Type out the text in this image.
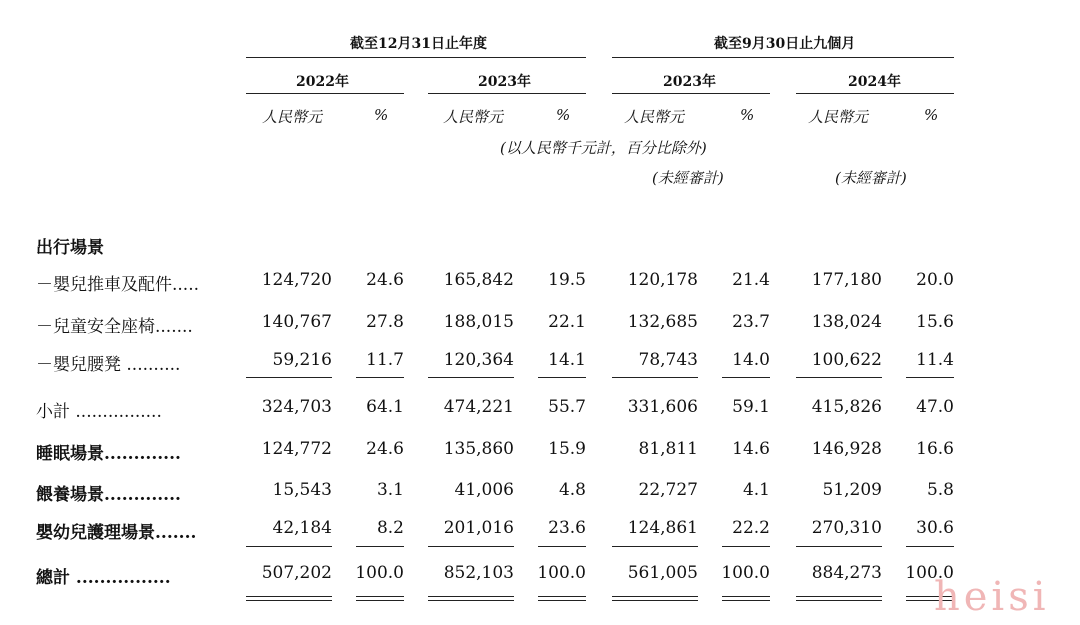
截至12月31日止年度	截至9月30日止九個月
2022年	2023年	2023年	2024年
人民幣元	%	人民幣元	%	人民幣元	%	人民幣元	%
(以人民幣千元計，百分比除外)
(未經審計)	(未經審計)
出行場景
－嬰兒推車及配件.....	124,720	24.6	165,842	19.5	120,178	21.4	177,180	20.0
－兒童安全座椅.......	140,767	27.8	188,015	22.1	132,685	23.7	138,024	15.6
－嬰兒腰凳 ..........	59,216	11.7	120,364	14.1	78,743	14.0	100,622	11.4
小計 ................	324,703	64.1	474,221	55.7	331,606	59.1	415,826	47.0
睡眠場景.............	124,772	24.6	135,860	15.9	81,811	14.6	146,928	16.6
餵養場景.............	15,543	3.1	41,006	4.8	22,727	4.1	51,209	5.8
嬰幼兒護理場景.......	42,184	8.2	201,016	23.6	124,861	22.2	270,310	30.6
總計 ................	507,202	100.0	852,103	100.0	561,005	100.0	884,273	100.0
heisi
